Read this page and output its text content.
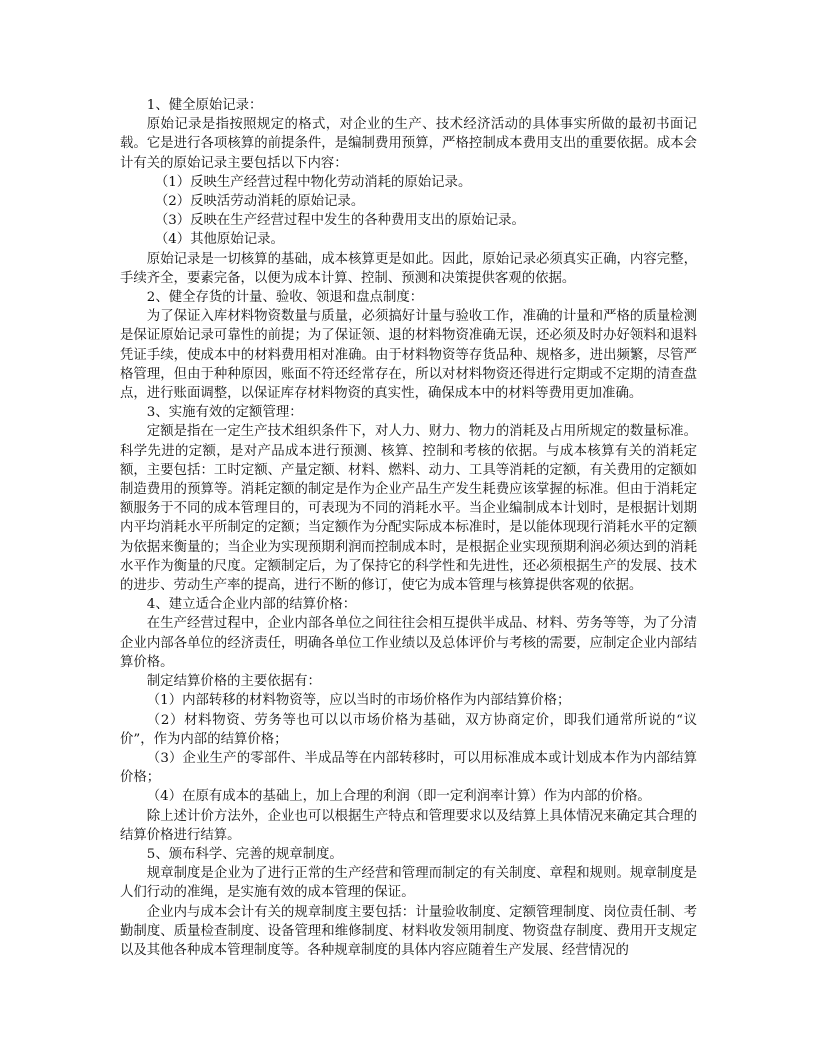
1、健全原始记录：

原始记录是指按照规定的格式，对企业的生产、技术经济活动的具体事实所做的最初书面记载。它是进行各项核算的前提条件，是编制费用预算，严格控制成本费用支出的重要依据。成本会计有关的原始记录主要包括以下内容：

（1）反映生产经营过程中物化劳动消耗的原始记录。

（2）反映活劳动消耗的原始记录。

（3）反映在生产经营过程中发生的各种费用支出的原始记录。

（4）其他原始记录。

原始记录是一切核算的基础，成本核算更是如此。因此，原始记录必须真实正确，内容完整，手续齐全，要素完备，以便为成本计算、控制、预测和决策提供客观的依据。

2、健全存货的计量、验收、领退和盘点制度：

为了保证入库材料物资数量与质量，必须搞好计量与验收工作，准确的计量和严格的质量检测是保证原始记录可靠性的前提；为了保证领、退的材料物资准确无误，还必须及时办好领料和退料凭证手续，使成本中的材料费用相对准确。由于材料物资等存货品种、规格多，进出频繁，尽管严格管理，但由于种种原因，账面不符还经常存在，所以对材料物资还得进行定期或不定期的清查盘点，进行账面调整，以保证库存材料物资的真实性，确保成本中的材料等费用更加准确。

3、实施有效的定额管理：

定额是指在一定生产技术组织条件下，对人力、财力、物力的消耗及占用所规定的数量标准。科学先进的定额，是对产品成本进行预测、核算、控制和考核的依据。与成本核算有关的消耗定额，主要包括：工时定额、产量定额、材料、燃料、动力、工具等消耗的定额，有关费用的定额如制造费用的预算等。消耗定额的制定是作为企业产品生产发生耗费应该掌握的标准。但由于消耗定额服务于不同的成本管理目的，可表现为不同的消耗水平。当企业编制成本计划时，是根据计划期内平均消耗水平所制定的定额；当定额作为分配实际成本标准时，是以能体现现行消耗水平的定额为依据来衡量的；当企业为实现预期利润而控制成本时，是根据企业实现预期利润必须达到的消耗水平作为衡量的尺度。定额制定后，为了保持它的科学性和先进性，还必须根据生产的发展、技术的进步、劳动生产率的提高，进行不断的修订，使它为成本管理与核算提供客观的依据。

4、建立适合企业内部的结算价格：

在生产经营过程中，企业内部各单位之间往往会相互提供半成品、材料、劳务等等，为了分清企业内部各单位的经济责任，明确各单位工作业绩以及总体评价与考核的需要，应制定企业内部结算价格。

制定结算价格的主要依据有：

（1）内部转移的材料物资等，应以当时的市场价格作为内部结算价格；

（2）材料物资、劳务等也可以以市场价格为基础，双方协商定价，即我们通常所说的“议价”，作为内部的结算价格；

（3）企业生产的零部件、半成品等在内部转移时，可以用标准成本或计划成本作为内部结算价格；

（4）在原有成本的基础上，加上合理的利润（即一定利润率计算）作为内部的价格。

除上述计价方法外，企业也可以根据生产特点和管理要求以及结算上具体情况来确定其合理的结算价格进行结算。

5、颁布科学、完善的规章制度。

规章制度是企业为了进行正常的生产经营和管理而制定的有关制度、章程和规则。规章制度是人们行动的准绳，是实施有效的成本管理的保证。

企业内与成本会计有关的规章制度主要包括：计量验收制度、定额管理制度、岗位责任制、考勤制度、质量检查制度、设备管理和维修制度、材料收发领用制度、物资盘存制度、费用开支规定以及其他各种成本管理制度等。各种规章制度的具体内容应随着生产发展、经营情况的
